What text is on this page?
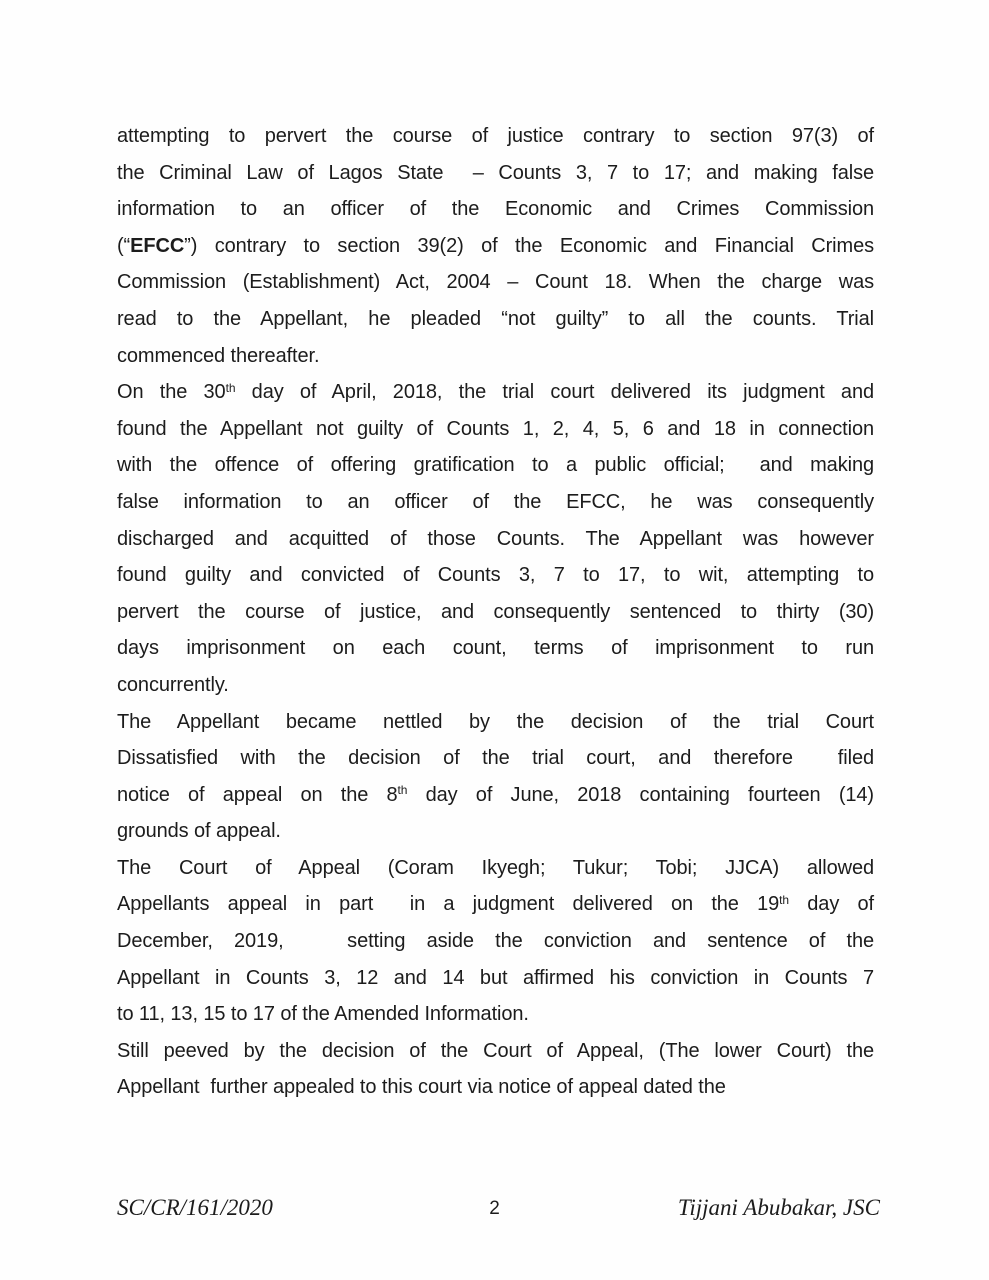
attempting to pervert the course of justice contrary to section 97(3) of
the Criminal Law of Lagos State  – Counts 3, 7 to 17; and making false
information to an officer of the Economic and Crimes Commission
(“EFCC”) contrary to section 39(2) of the Economic and Financial Crimes
Commission (Establishment) Act, 2004 – Count 18. When the charge was
read to the Appellant, he pleaded “not guilty” to all the counts. Trial
commenced thereafter.
On the 30th day of April, 2018, the trial court delivered its judgment and
found the Appellant not guilty of Counts 1, 2, 4, 5, 6 and 18 in connection
with the offence of offering gratification to a public official;  and making
false information to an officer of the EFCC, he was consequently
discharged and acquitted of those Counts. The Appellant was however
found guilty and convicted of Counts 3, 7 to 17, to wit, attempting to
pervert the course of justice, and consequently sentenced to thirty (30)
days imprisonment on each count, terms of imprisonment to run
concurrently.
The Appellant became nettled by the decision of the trial Court
Dissatisfied with the decision of the trial court, and therefore  filed
notice of appeal on the 8th day of June, 2018 containing fourteen (14)
grounds of appeal.
The Court of Appeal (Coram Ikyegh; Tukur; Tobi; JJCA) allowed
Appellants appeal in part  in a judgment delivered on the 19th day of
December, 2019,   setting aside the conviction and sentence of the
Appellant in Counts 3, 12 and 14 but affirmed his conviction in Counts 7
to 11, 13, 15 to 17 of the Amended Information.
Still peeved by the decision of the Court of Appeal, (The lower Court) the
Appellant  further appealed to this court via notice of appeal dated the
SC/CR/161/2020	2	Tijjani Abubakar, JSC
